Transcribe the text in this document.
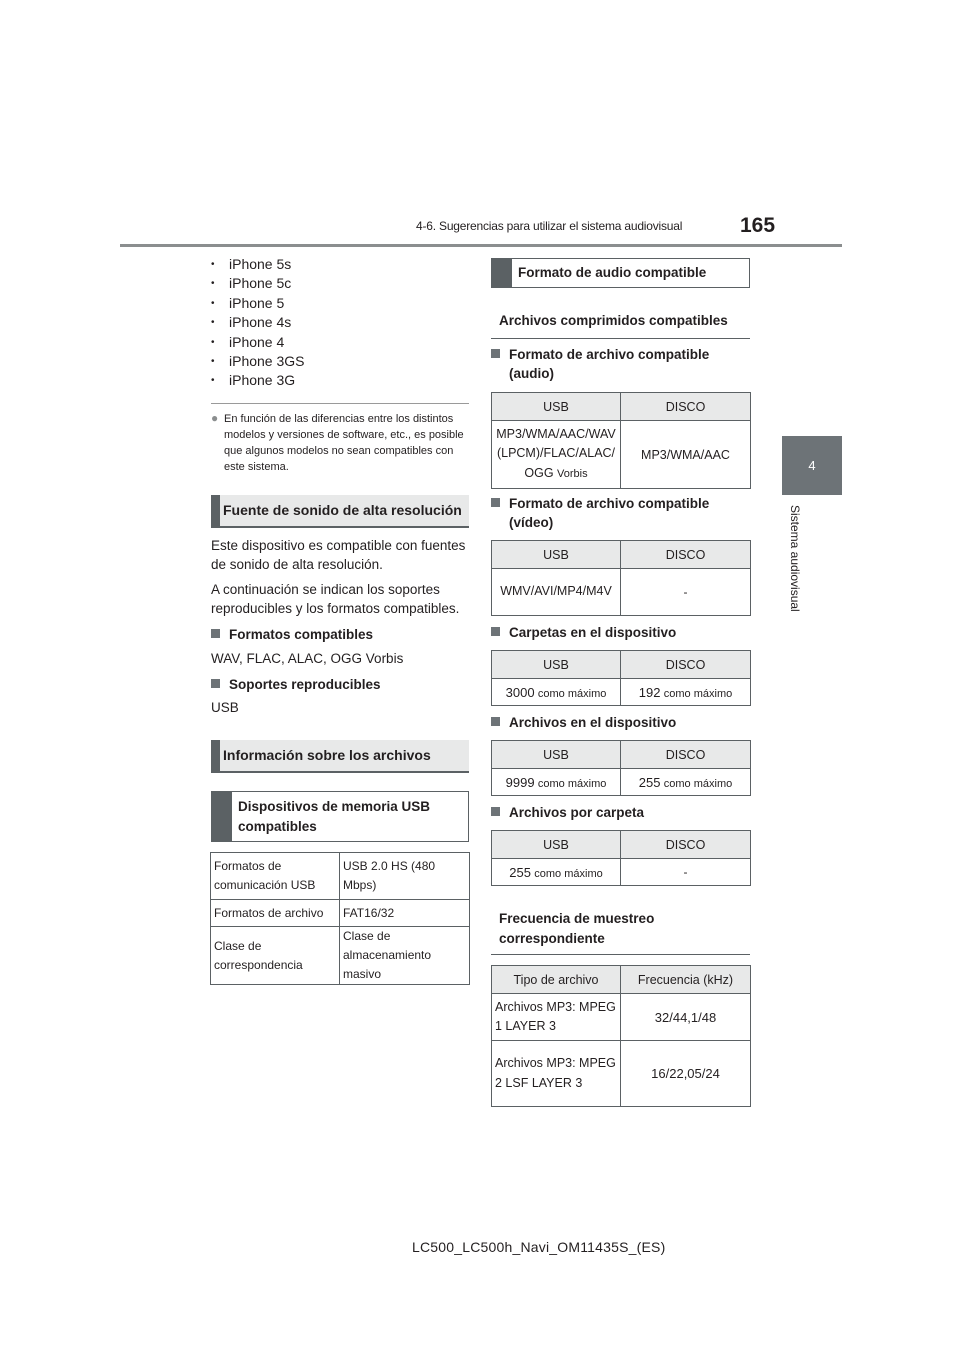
4-6. Sugerencias para utilizar el sistema audiovisual	165
4
Sistema audiovisual
• iPhone 5s
• iPhone 5c
• iPhone 5
• iPhone 4s
• iPhone 4
• iPhone 3GS
• iPhone 3G
● En función de las diferencias entre los distintos modelos y versiones de software, etc., es posible que algunos modelos no sean compatibles con este sistema.
Fuente de sonido de alta resolución
Este dispositivo es compatible con fuentes de sonido de alta resolución.
A continuación se indican los soportes reproducibles y los formatos compatibles.
Formatos compatibles
WAV, FLAC, ALAC, OGG Vorbis
Soportes reproducibles
USB
Información sobre los archivos
Dispositivos de memoria USB compatibles
Formatos de comunicación USB	USB 2.0 HS (480 Mbps)
Formatos de archivo	FAT16/32
Clase de correspondencia	Clase de almacenamiento masivo
Formato de audio compatible
Archivos comprimidos compatibles
Formato de archivo compatible (audio)
USB	DISCO
MP3/WMA/AAC/WAV(LPCM)/FLAC/ALAC/OGG Vorbis	MP3/WMA/AAC
Formato de archivo compatible (vídeo)
USB	DISCO
WMV/AVI/MP4/M4V	-
Carpetas en el dispositivo
USB	DISCO
3000 como máximo	192 como máximo
Archivos en el dispositivo
USB	DISCO
9999 como máximo	255 como máximo
Archivos por carpeta
USB	DISCO
255 como máximo	-
Frecuencia de muestreo correspondiente
Tipo de archivo	Frecuencia (kHz)
Archivos MP3: MPEG 1 LAYER 3	32/44,1/48
Archivos MP3: MPEG 2 LSF LAYER 3	16/22,05/24
LC500_LC500h_Navi_OM11435S_(ES)
